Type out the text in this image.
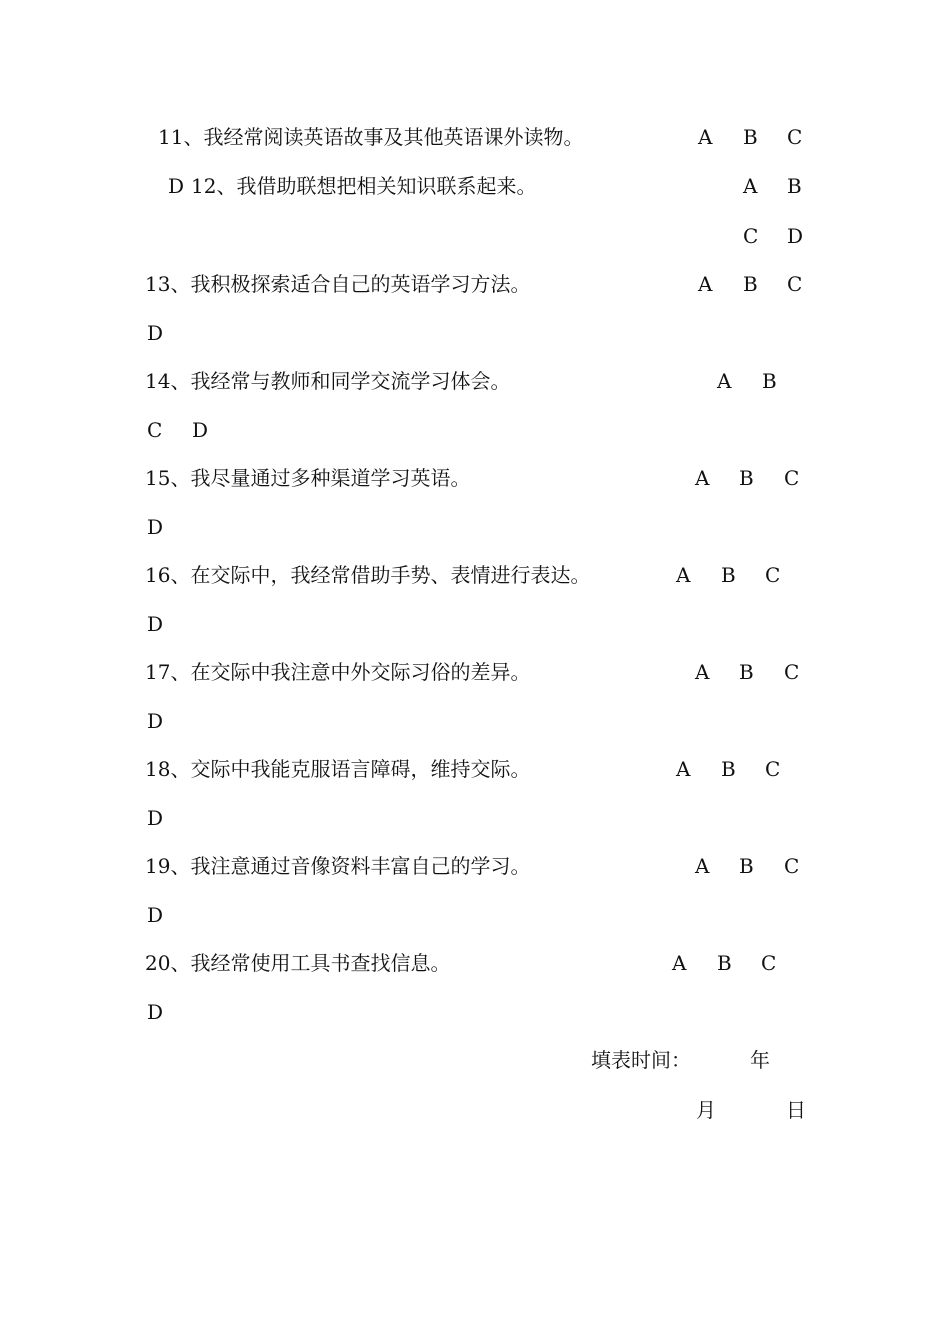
11、我经常阅读英语故事及其他英语课外读物。	A B C
D 12、我借助联想把相关知识联系起来。	A B
C D
13、我积极探索适合自己的英语学习方法。	A B C
D
14、我经常与教师和同学交流学习体会。	A B
C D
15、我尽量通过多种渠道学习英语。	A B C
D
16、在交际中，我经常借助手势、表情进行表达。	A B C
D
17、在交际中我注意中外交际习俗的差异。	A B C
D
18、交际中我能克服语言障碍，维持交际。	A B C
D
19、我注意通过音像资料丰富自己的学习。	A B C
D
20、我经常使用工具书查找信息。	A B C
D
填表时间：	年
月	日
